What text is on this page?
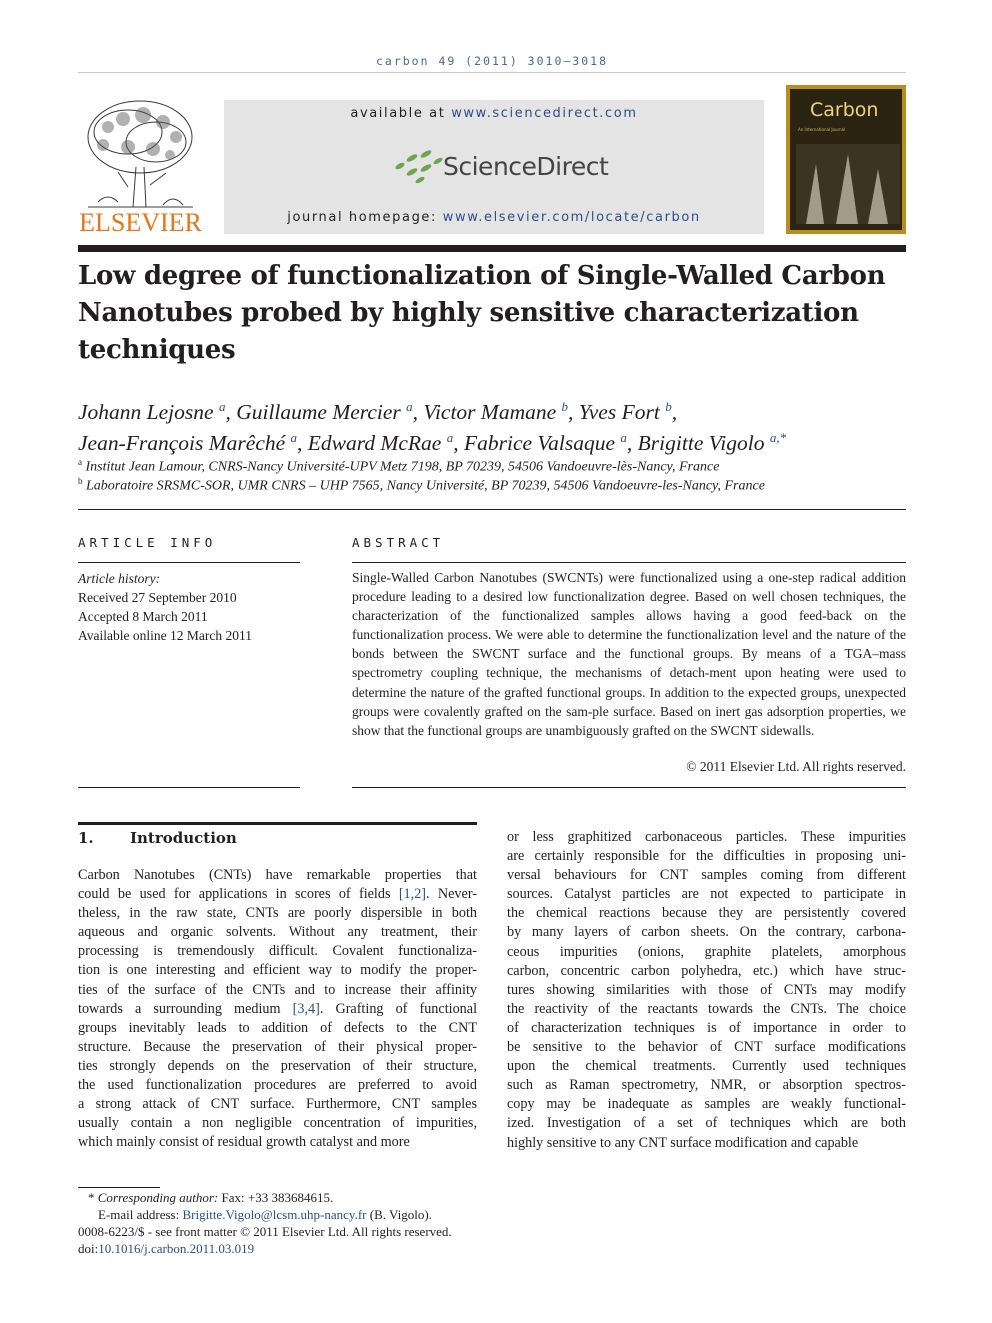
carbon 49 (2011) 3010–3018
ELSEVIER
available at www.sciencedirect.com
ScienceDirect
journal homepage: www.elsevier.com/locate/carbon
Carbon
An International Journal
Low degree of functionalization of Single-Walled Carbon
Nanotubes probed by highly sensitive characterization
techniques
Johann Lejosne $^a$, Guillaume Mercier $^a$, Victor Mamane $^b$, Yves Fort $^b$,
Jean-François Marêché $^a$, Edward McRae $^a$, Fabrice Valsaque $^a$, Brigitte Vigolo $^{a,*}$
$^a$ Institut Jean Lamour, CNRS-Nancy Université-UPV Metz 7198, BP 70239, 54506 Vandoeuvre-lès-Nancy, France
$^b$ Laboratoire SRSMC-SOR, UMR CNRS – UHP 7565, Nancy Université, BP 70239, 54506 Vandoeuvre-les-Nancy, France
ARTICLE INFO
Article history:
Received 27 September 2010
Accepted 8 March 2011
Available online 12 March 2011
ABSTRACT
Single-Walled Carbon Nanotubes (SWCNTs) were functionalized using a one-step radical addition procedure leading to a desired low functionalization degree. Based on well chosen techniques, the characterization of the functionalized samples allows having a good feed-back on the functionalization process. We were able to determine the functionalization level and the nature of the bonds between the SWCNT surface and the functional groups. By means of a TGA–mass spectrometry coupling technique, the mechanisms of detach-ment upon heating were used to determine the nature of the grafted functional groups. In addition to the expected groups, unexpected groups were covalently grafted on the sam-ple surface. Based on inert gas adsorption properties, we show that the functional groups are unambiguously grafted on the SWCNT sidewalls.
© 2011 Elsevier Ltd. All rights reserved.
1. Introduction
Carbon Nanotubes (CNTs) have remarkable properties that
could be used for applications in scores of fields [1,2]. Never-
theless, in the raw state, CNTs are poorly dispersible in both
aqueous and organic solvents. Without any treatment, their
processing is tremendously difficult. Covalent functionaliza-
tion is one interesting and efficient way to modify the proper-
ties of the surface of the CNTs and to increase their affinity
towards a surrounding medium [3,4]. Grafting of functional
groups inevitably leads to addition of defects to the CNT
structure. Because the preservation of their physical proper-
ties strongly depends on the preservation of their structure,
the used functionalization procedures are preferred to avoid
a strong attack of CNT surface. Furthermore, CNT samples
usually contain a non negligible concentration of impurities,
which mainly consist of residual growth catalyst and more
or less graphitized carbonaceous particles. These impurities
are certainly responsible for the difficulties in proposing uni-
versal behaviours for CNT samples coming from different
sources. Catalyst particles are not expected to participate in
the chemical reactions because they are persistently covered
by many layers of carbon sheets. On the contrary, carbona-
ceous impurities (onions, graphite platelets, amorphous
carbon, concentric carbon polyhedra, etc.) which have struc-
tures showing similarities with those of CNTs may modify
the reactivity of the reactants towards the CNTs. The choice
of characterization techniques is of importance in order to
be sensitive to the behavior of CNT surface modifications
upon the chemical treatments. Currently used techniques
such as Raman spectrometry, NMR, or absorption spectros-
copy may be inadequate as samples are weakly functional-
ized. Investigation of a set of techniques which are both
highly sensitive to any CNT surface modification and capable
* Corresponding author: Fax: +33 383684615.
E-mail address: Brigitte.Vigolo@lcsm.uhp-nancy.fr (B. Vigolo).
0008-6223/$ - see front matter © 2011 Elsevier Ltd. All rights reserved.
doi:10.1016/j.carbon.2011.03.019
